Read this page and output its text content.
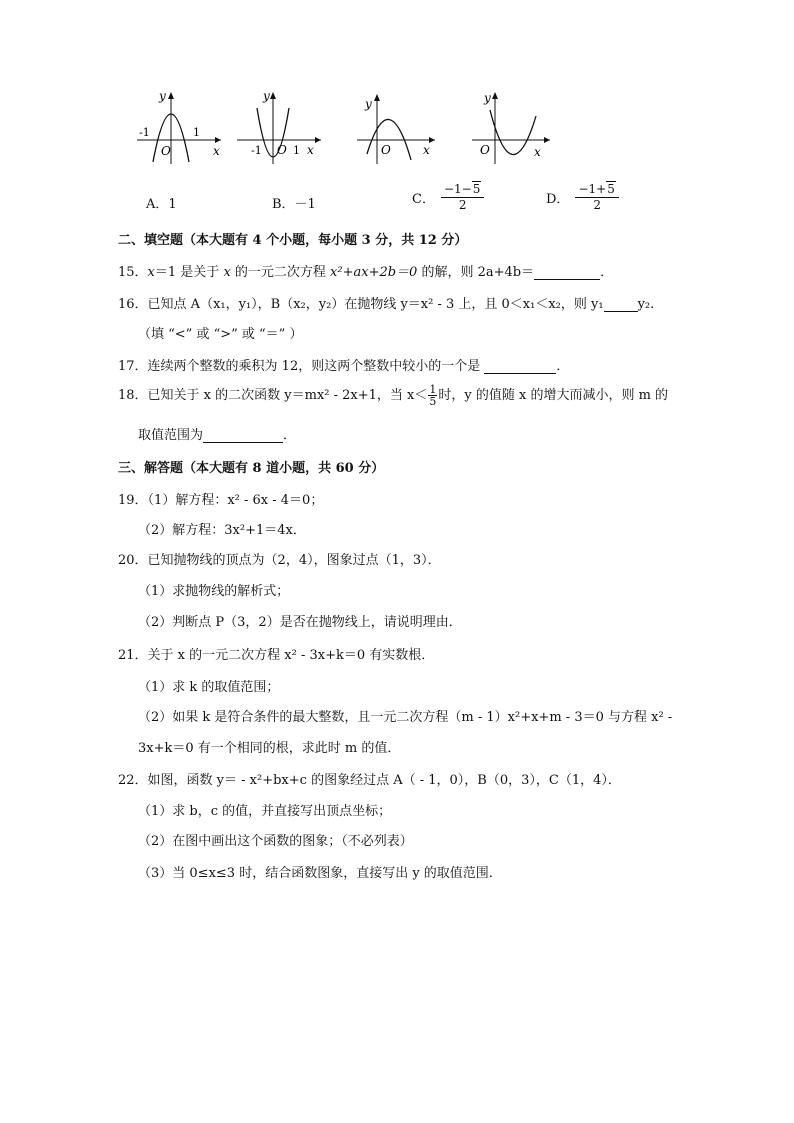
y
x
O
-1	1
y
x
O
-1	1
y
x
O
y
x
O
A．1	B．－1	C． $\frac{-1-5}{2}$	D． $\frac{-1+5}{2}$
二、填空题（本大题有 4 个小题，每小题 3 分，共 12 分）
15．x＝1 是关于 x 的一元二次方程 x²+ax+2b＝0 的解，则 2a+4b＝	．
16．已知点 A（x₁，y₁），B（x₂，y₂）在抛物线 y＝x² - 3 上，且 0＜x₁＜x₂，则 y₁	y₂.
（填 “<” 或 “>” 或 “＝” ）
17．连续两个整数的乘积为 12，则这两个整数中较小的一个是	．
18．已知关于 x 的二次函数 y＝mx² - 2x+1，当 $x< \frac{1}{5}$ 时，y 的值随 x 的增大而减小，则 m 的
取值范围为	．
三、解答题（本大题有 8 道小题，共 60 分）
19．（1）解方程：x² - 6x - 4＝0；
（2）解方程：3x²+1＝4x．
20．已知抛物线的顶点为（2，4），图象过点（1，3）．
（1）求抛物线的解析式；
（2）判断点 P（3，2）是否在抛物线上，请说明理由．
21．关于 x 的一元二次方程 x² - 3x+k＝0 有实数根．
（1）求 k 的取值范围；
（2）如果 k 是符合条件的最大整数，且一元二次方程（m - 1）x²+x+m - 3＝0 与方程 x² -
3x+k＝0 有一个相同的根，求此时 m 的值．
22．如图，函数 y＝ - x²+bx+c 的图象经过点 A（ - 1，0），B（0，3），C（1，4）．
（1）求 b，c 的值，并直接写出顶点坐标；
（2）在图中画出这个函数的图象；（不必列表）
（3）当 0≤x≤3 时，结合函数图象，直接写出 y 的取值范围．
